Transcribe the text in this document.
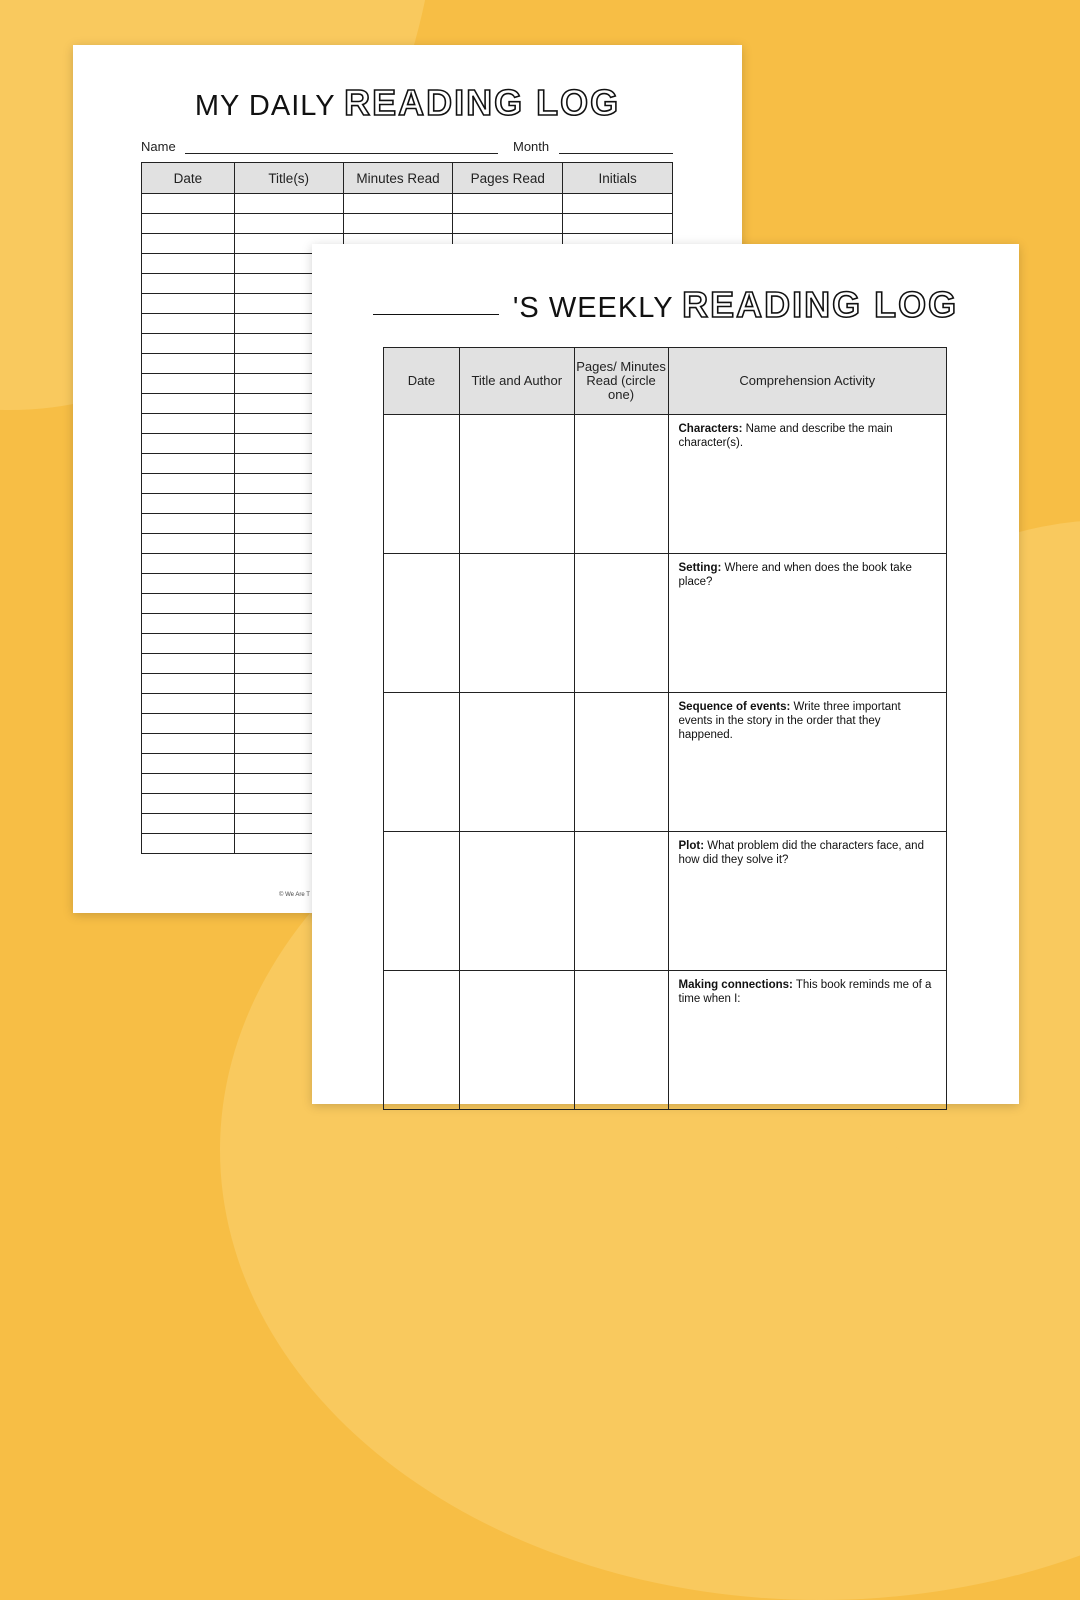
MY DAILY READING LOG
Name	Month
Date	Title(s)	Minutes Read	Pages Read	Initials

© We Are T
'S WEEKLY READING LOG
Date	Title and Author	Pages/ Minutes Read (circle one)	Comprehension Activity
			Characters: Name and describe the main character(s).
			Setting: Where and when does the book take place?
			Sequence of events: Write three important events in the story in the order that they happened.
			Plot: What problem did the characters face, and how did they solve it?
			Making connections: This book reminds me of a time when I:
